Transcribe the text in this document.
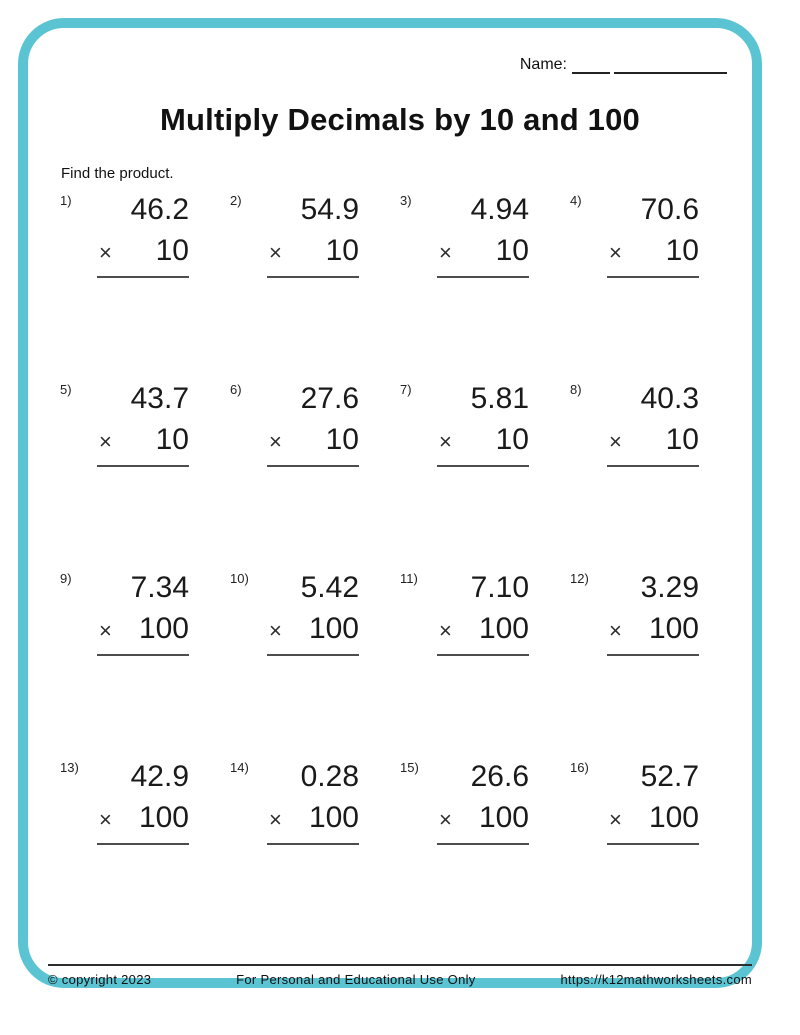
Name:
Multiply Decimals by 10 and 100
Find the product.
1)	46.2
× 10
2)	54.9
× 10
3)	4.94
× 10
4)	70.6
× 10
5)	43.7
× 10
6)	27.6
× 10
7)	5.81
× 10
8)	40.3
× 10
9)	7.34
× 100
10)	5.42
× 100
11)	7.10
× 100
12)	3.29
× 100
13)	42.9
× 100
14)	0.28
× 100
15)	26.6
× 100
16)	52.7
× 100
© copyright 2023	For Personal and Educational Use Only	https://k12mathworksheets.com
